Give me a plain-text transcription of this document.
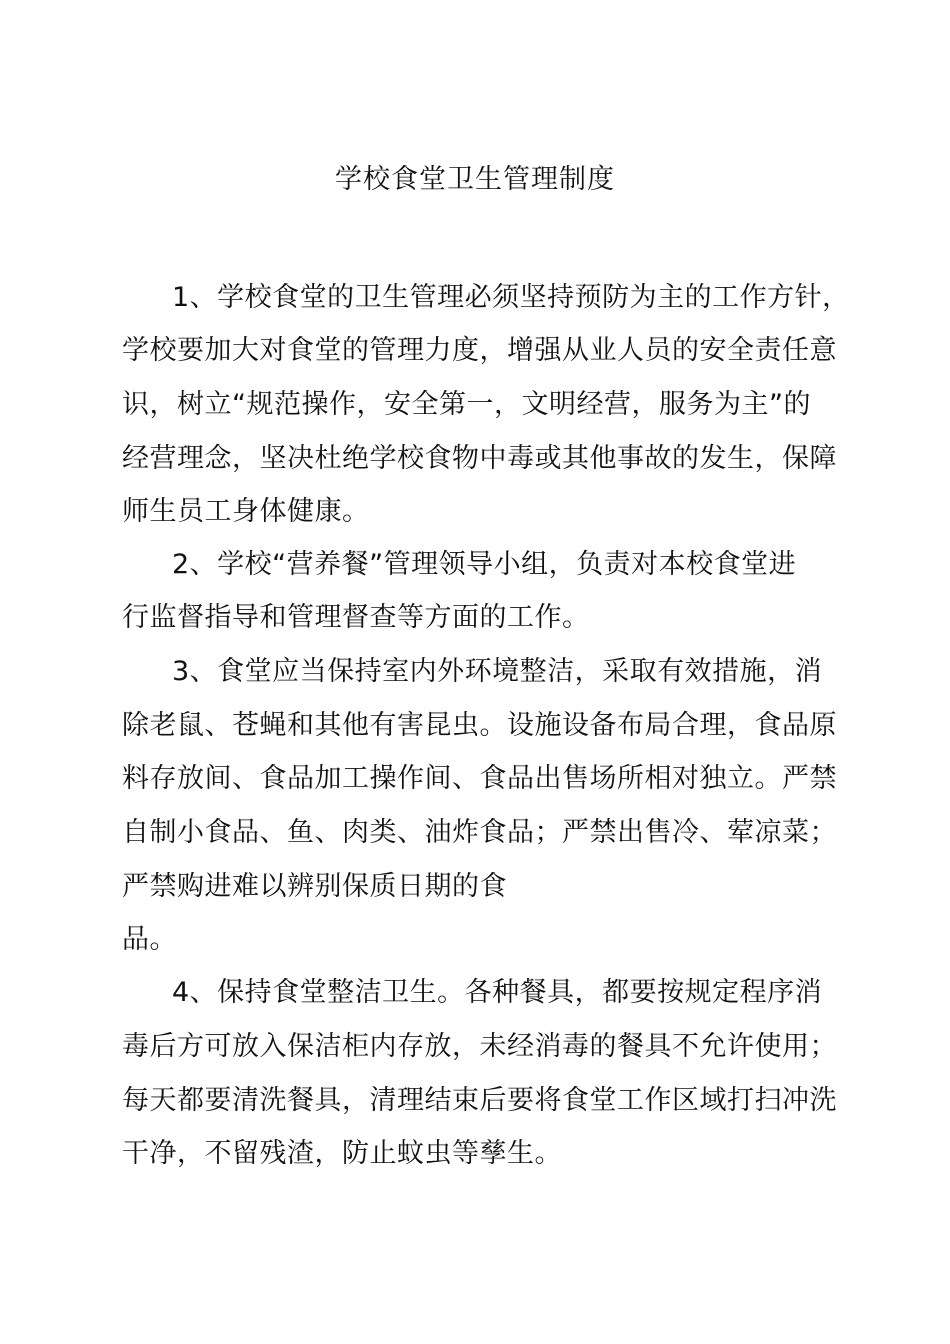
学校食堂卫生管理制度
1、学校食堂的卫生管理必须坚持预防为主的工作方针，
学校要加大对食堂的管理力度，增强从业人员的安全责任意
识，树立“规范操作，安全第一，文明经营，服务为主”的
经营理念，坚决杜绝学校食物中毒或其他事故的发生，保障
师生员工身体健康。
2、学校“营养餐”管理领导小组，负责对本校食堂进
行监督指导和管理督查等方面的工作。
3、食堂应当保持室内外环境整洁，采取有效措施，消
除老鼠、苍蝇和其他有害昆虫。设施设备布局合理，食品原
料存放间、食品加工操作间、食品出售场所相对独立。严禁
自制小食品、鱼、肉类、油炸食品；严禁出售冷、荤凉菜；
严禁购进难以辨别保质日期的食
品。
4、保持食堂整洁卫生。各种餐具，都要按规定程序消
毒后方可放入保洁柜内存放，未经消毒的餐具不允许使用；
每天都要清洗餐具，清理结束后要将食堂工作区域打扫冲洗
干净，不留残渣，防止蚊虫等孳生。
